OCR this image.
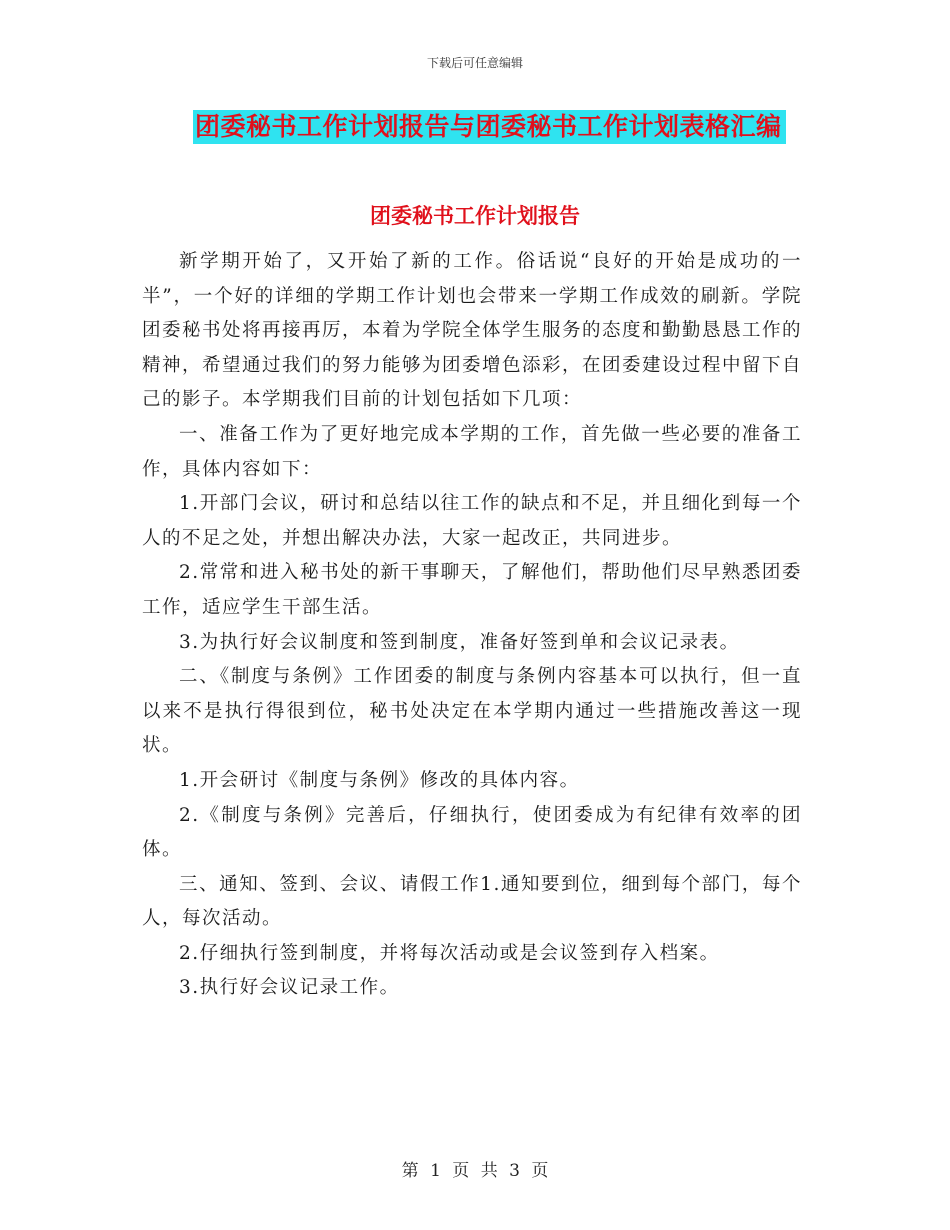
下载后可任意编辑
团委秘书工作计划报告与团委秘书工作计划表格汇编
团委秘书工作计划报告

新学期开始了，又开始了新的工作。俗话说“良好的开始是成功的一半”，一个好的详细的学期工作计划也会带来一学期工作成效的刷新。学院团委秘书处将再接再厉，本着为学院全体学生服务的态度和勤勤恳恳工作的精神，希望通过我们的努力能够为团委增色添彩，在团委建设过程中留下自己的影子。本学期我们目前的计划包括如下几项：

一、准备工作为了更好地完成本学期的工作，首先做一些必要的准备工作，具体内容如下：

1.开部门会议，研讨和总结以往工作的缺点和不足，并且细化到每一个人的不足之处，并想出解决办法，大家一起改正，共同进步。

2.常常和进入秘书处的新干事聊天，了解他们，帮助他们尽早熟悉团委工作，适应学生干部生活。

3.为执行好会议制度和签到制度，准备好签到单和会议记录表。

二、《制度与条例》工作团委的制度与条例内容基本可以执行，但一直以来不是执行得很到位，秘书处决定在本学期内通过一些措施改善这一现状。

1.开会研讨《制度与条例》修改的具体内容。

2.《制度与条例》完善后，仔细执行，使团委成为有纪律有效率的团体。

三、通知、签到、会议、请假工作1.通知要到位，细到每个部门，每个人，每次活动。

2.仔细执行签到制度，并将每次活动或是会议签到存入档案。

3.执行好会议记录工作。

第 1 页 共 3 页
